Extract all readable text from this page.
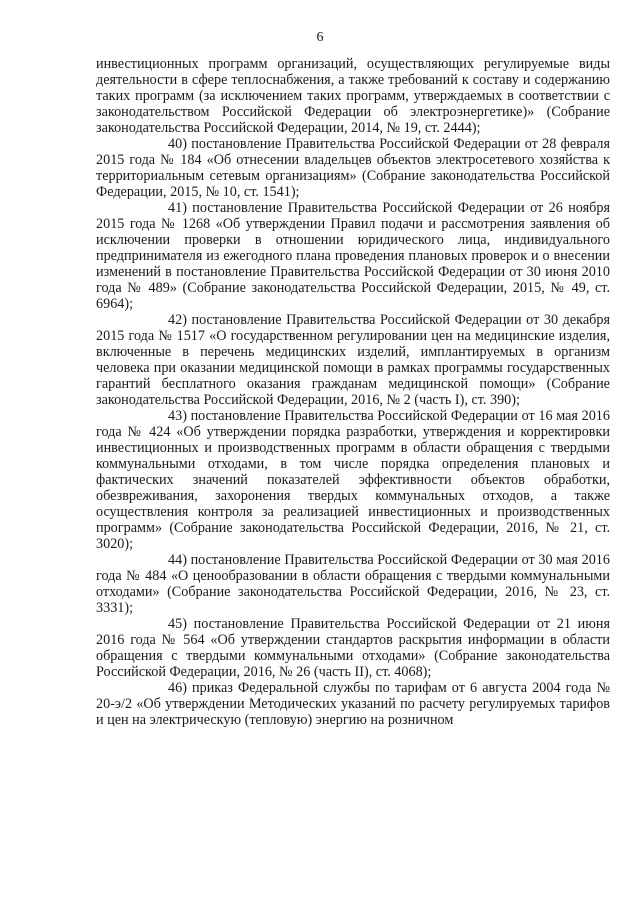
6

инвестиционных программ организаций, осуществляющих регулируемые виды деятельности в сфере теплоснабжения, а также требований к составу и содержанию таких программ (за исключением таких программ, утверждаемых в соответствии с законодательством Российской Федерации об электроэнергетике)» (Собрание законодательства Российской Федерации, 2014, № 19, ст. 2444);

40) постановление Правительства Российской Федерации от 28 февраля 2015 года № 184 «Об отнесении владельцев объектов электросетевого хозяйства к территориальным сетевым организациям» (Собрание законодательства Российской Федерации, 2015, № 10, ст. 1541);

41) постановление Правительства Российской Федерации от 26 ноября 2015 года № 1268 «Об утверждении Правил подачи и рассмотрения заявления об исключении проверки в отношении юридического лица, индивидуального предпринимателя из ежегодного плана проведения плановых проверок и о внесении изменений в постановление Правительства Российской Федерации от 30 июня 2010 года № 489» (Собрание законодательства Российской Федерации, 2015, № 49, ст. 6964);

42) постановление Правительства Российской Федерации от 30 декабря 2015 года № 1517 «О государственном регулировании цен на медицинские изделия, включенные в перечень медицинских изделий, имплантируемых в организм человека при оказании медицинской помощи в рамках программы государственных гарантий бесплатного оказания гражданам медицинской помощи» (Собрание законодательства Российской Федерации, 2016, № 2 (часть I), ст. 390);

43) постановление Правительства Российской Федерации от 16 мая 2016 года № 424 «Об утверждении порядка разработки, утверждения и корректировки инвестиционных и производственных программ в области обращения с твердыми коммунальными отходами, в том числе порядка определения плановых и фактических значений показателей эффективности объектов обработки, обезвреживания, захоронения твердых коммунальных отходов, а также осуществления контроля за реализацией инвестиционных и производственных программ» (Собрание законодательства Российской Федерации, 2016, № 21, ст. 3020);

44) постановление Правительства Российской Федерации от 30 мая 2016 года № 484 «О ценообразовании в области обращения с твердыми коммунальными отходами» (Собрание законодательства Российской Федерации, 2016, № 23, ст. 3331);

45) постановление Правительства Российской Федерации от 21 июня 2016 года № 564 «Об утверждении стандартов раскрытия информации в области обращения с твердыми коммунальными отходами» (Собрание законодательства Российской Федерации, 2016, № 26 (часть II), ст. 4068);

46) приказ Федеральной службы по тарифам от 6 августа 2004 года № 20-э/2 «Об утверждении Методических указаний по расчету регулируемых тарифов и цен на электрическую (тепловую) энергию на розничном
